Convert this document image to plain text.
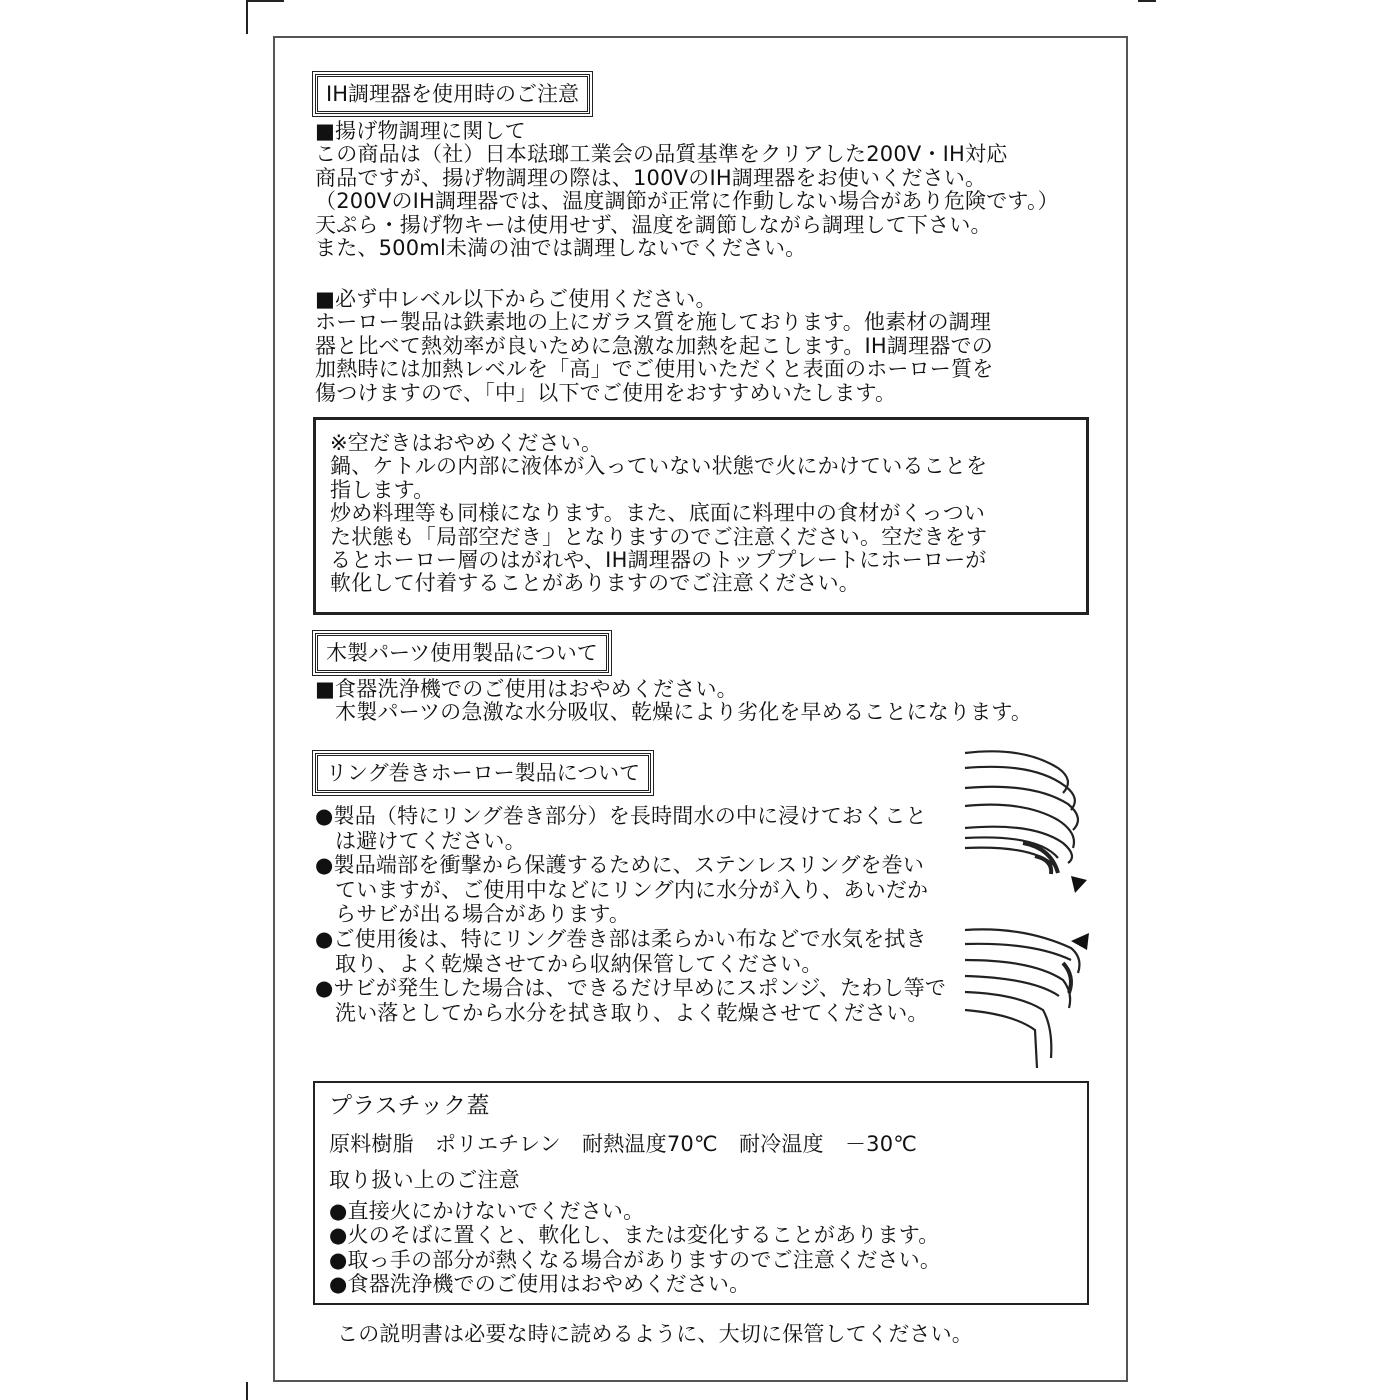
IH調理器を使用時のご注意
■揚げ物調理に関して
この商品は（社）日本琺瑯工業会の品質基準をクリアした200V・IH対応
商品ですが、揚げ物調理の際は、100VのIH調理器をお使いください。
（200VのIH調理器では、温度調節が正常に作動しない場合があり危険です。）
天ぷら・揚げ物キーは使用せず、温度を調節しながら調理して下さい。
また、500ml未満の油では調理しないでください。
■必ず中レベル以下からご使用ください。
ホーロー製品は鉄素地の上にガラス質を施しております。他素材の調理
器と比べて熱効率が良いために急激な加熱を起こします。IH調理器での
加熱時には加熱レベルを「高」でご使用いただくと表面のホーロー質を
傷つけますので、「中」以下でご使用をおすすめいたします。
※空だきはおやめください。
鍋、ケトルの内部に液体が入っていない状態で火にかけていることを
指します。
炒め料理等も同様になります。また、底面に料理中の食材がくっつい
た状態も「局部空だき」となりますのでご注意ください。空だきをす
るとホーロー層のはがれや、IH調理器のトッププレートにホーローが
軟化して付着することがありますのでご注意ください。
木製パーツ使用製品について
■食器洗浄機でのご使用はおやめください。
木製パーツの急激な水分吸収、乾燥により劣化を早めることになります。
リング巻きホーロー製品について
●製品（特にリング巻き部分）を長時間水の中に浸けておくこと
は避けてください。
●製品端部を衝撃から保護するために、ステンレスリングを巻い
ていますが、ご使用中などにリング内に水分が入り、あいだか
らサビが出る場合があります。
●ご使用後は、特にリング巻き部は柔らかい布などで水気を拭き
取り、よく乾燥させてから収納保管してください。
●サビが発生した場合は、できるだけ早めにスポンジ、たわし等で
洗い落としてから水分を拭き取り、よく乾燥させてください。
プラスチック蓋
原料樹脂　ポリエチレン　耐熱温度70℃　耐冷温度　－30℃
取り扱い上のご注意
●直接火にかけないでください。
●火のそばに置くと、軟化し、または変化することがあります。
●取っ手の部分が熱くなる場合がありますのでご注意ください。
●食器洗浄機でのご使用はおやめください。
この説明書は必要な時に読めるように、大切に保管してください。
